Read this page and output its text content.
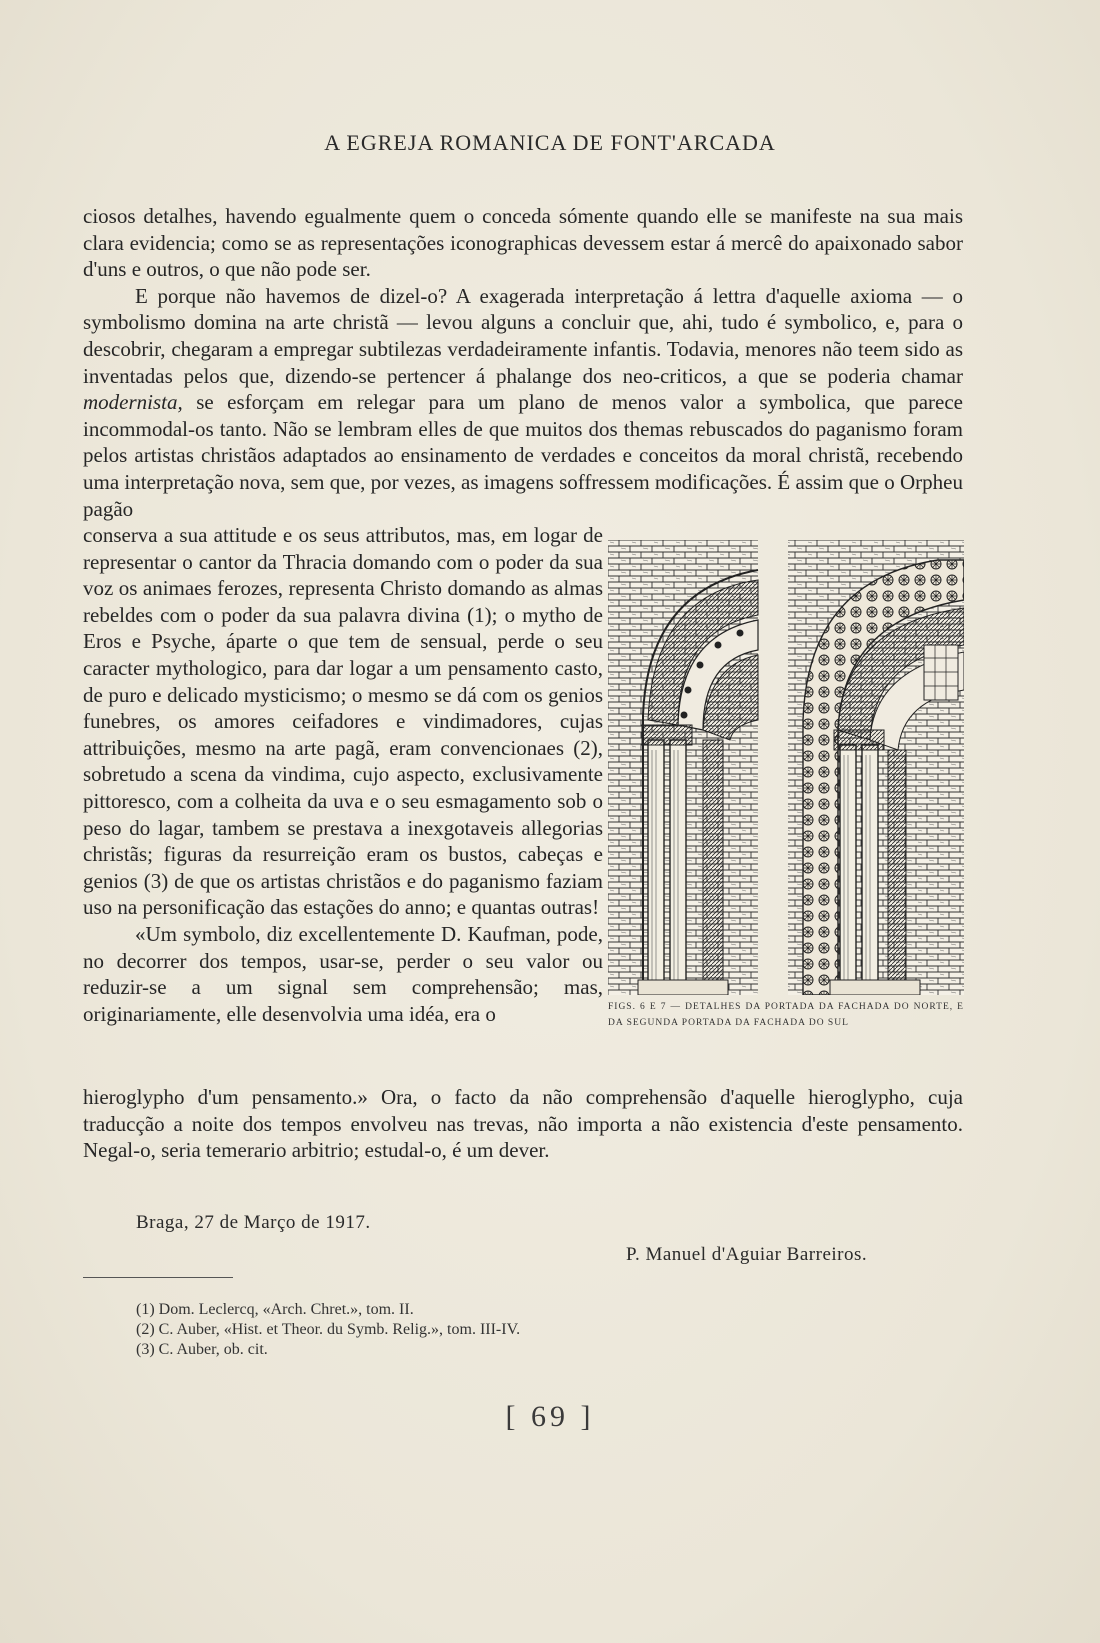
A EGREJA ROMANICA DE FONT'ARCADA

ciosos detalhes, havendo egualmente quem o conceda sómente quando elle se manifeste na sua mais clara evidencia; como se as representações iconographicas devessem estar á mercê do apaixonado sabor d'uns e outros, o que não pode ser.

E porque não havemos de dizel-o? A exagerada interpretação á lettra d'aquelle axioma — o symbolismo domina na arte christã — levou alguns a concluir que, ahi, tudo é symbolico, e, para o descobrir, chegaram a empregar subtilezas verdadeiramente infantis. Todavia, menores não teem sido as inventadas pelos que, dizendo-se pertencer á phalange dos neo-criticos, a que se poderia chamar modernista, se esforçam em relegar para um plano de menos valor a symbolica, que parece incommodal-os tanto. Não se lembram elles de que muitos dos themas rebuscados do paganismo foram pelos artistas christãos adaptados ao ensinamento de verdades e conceitos da moral christã, recebendo uma interpretação nova, sem que, por vezes, as imagens soffressem modificações. É assim que o Orpheu pagão

conserva a sua attitude e os seus attributos, mas, em logar de representar o cantor da Thracia domando com o poder da sua voz os animaes ferozes, representa Christo domando as almas rebeldes com o poder da sua palavra divina (1); o mytho de Eros e Psyche, áparte o que tem de sensual, perde o seu caracter mythologico, para dar logar a um pensamento casto, de puro e delicado mysticismo; o mesmo se dá com os genios funebres, os amores ceifadores e vindimadores, cujas attribuições, mesmo na arte pagã, eram convencionaes (2), sobretudo a scena da vindima, cujo aspecto, exclusivamente pittoresco, com a colheita da uva e o seu esmagamento sob o peso do lagar, tambem se prestava a inexgotaveis allegorias christãs; figuras da resurreição eram os bustos, cabeças e genios (3) de que os artistas christãos e do paganismo faziam uso na personificação das estações do anno; e quantas outras!

«Um symbolo, diz excellentemente D. Kaufman, pode, no decorrer dos tempos, usar-se, perder o seu valor ou reduzir-se a um signal sem comprehensão; mas, originariamente, elle desenvolvia uma idéa, era o	FIGS. 6 E 7 — DETALHES DA PORTADA DA FACHADA DO NORTE, E DA SEGUNDA PORTADA DA FACHADA DO SUL

hieroglypho d'um pensamento.» Ora, o facto da não comprehensão d'aquelle hieroglypho, cuja traducção a noite dos tempos envolveu nas trevas, não importa a não existencia d'este pensamento. Negal-o, seria temerario arbitrio; estudal-o, é um dever.

Braga, 27 de Março de 1917.
P. Manuel d'Aguiar Barreiros.
(1) Dom. Leclercq, «Arch. Chret.», tom. II.
(2) C. Auber, «Hist. et Theor. du Symb. Relig.», tom. III-IV.
(3) C. Auber, ob. cit.
[ 69 ]
